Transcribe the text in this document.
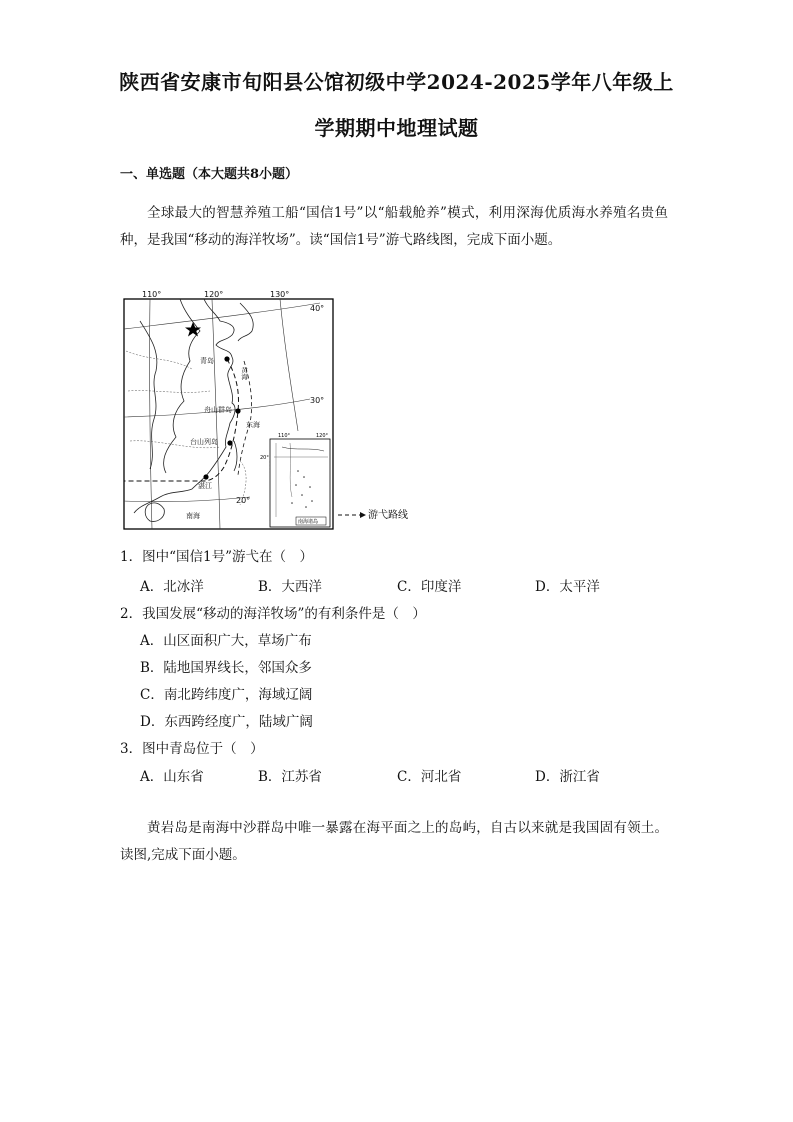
陕西省安康市旬阳县公馆初级中学2024-2025学年八年级上
学期期中地理试题
一、单选题（本大题共8小题）
全球最大的智慧养殖工船“国信1号”以“船载舱养”模式，利用深海优质海水养殖名贵鱼种，是我国“移动的海洋牧场”。读“国信1号”游弋路线图，完成下面小题。
110°	120°	130°
40°
30°
20°
青岛
黄海
舟山群岛
东海
台山列岛
湛江
南海
110°	120°
20°
南海诸岛
游弋路线
1．图中“国信1号”游弋在（　）
A．北冰洋	B．大西洋	C．印度洋	D．太平洋
2．我国发展“移动的海洋牧场”的有利条件是（　）
A．山区面积广大，草场广布
B．陆地国界线长，邻国众多
C．南北跨纬度广，海域辽阔
D．东西跨经度广，陆域广阔
3．图中青岛位于（　）
A．山东省	B．江苏省	C．河北省	D．浙江省
黄岩岛是南海中沙群岛中唯一暴露在海平面之上的岛屿，自古以来就是我国固有领土。读图,完成下面小题。
